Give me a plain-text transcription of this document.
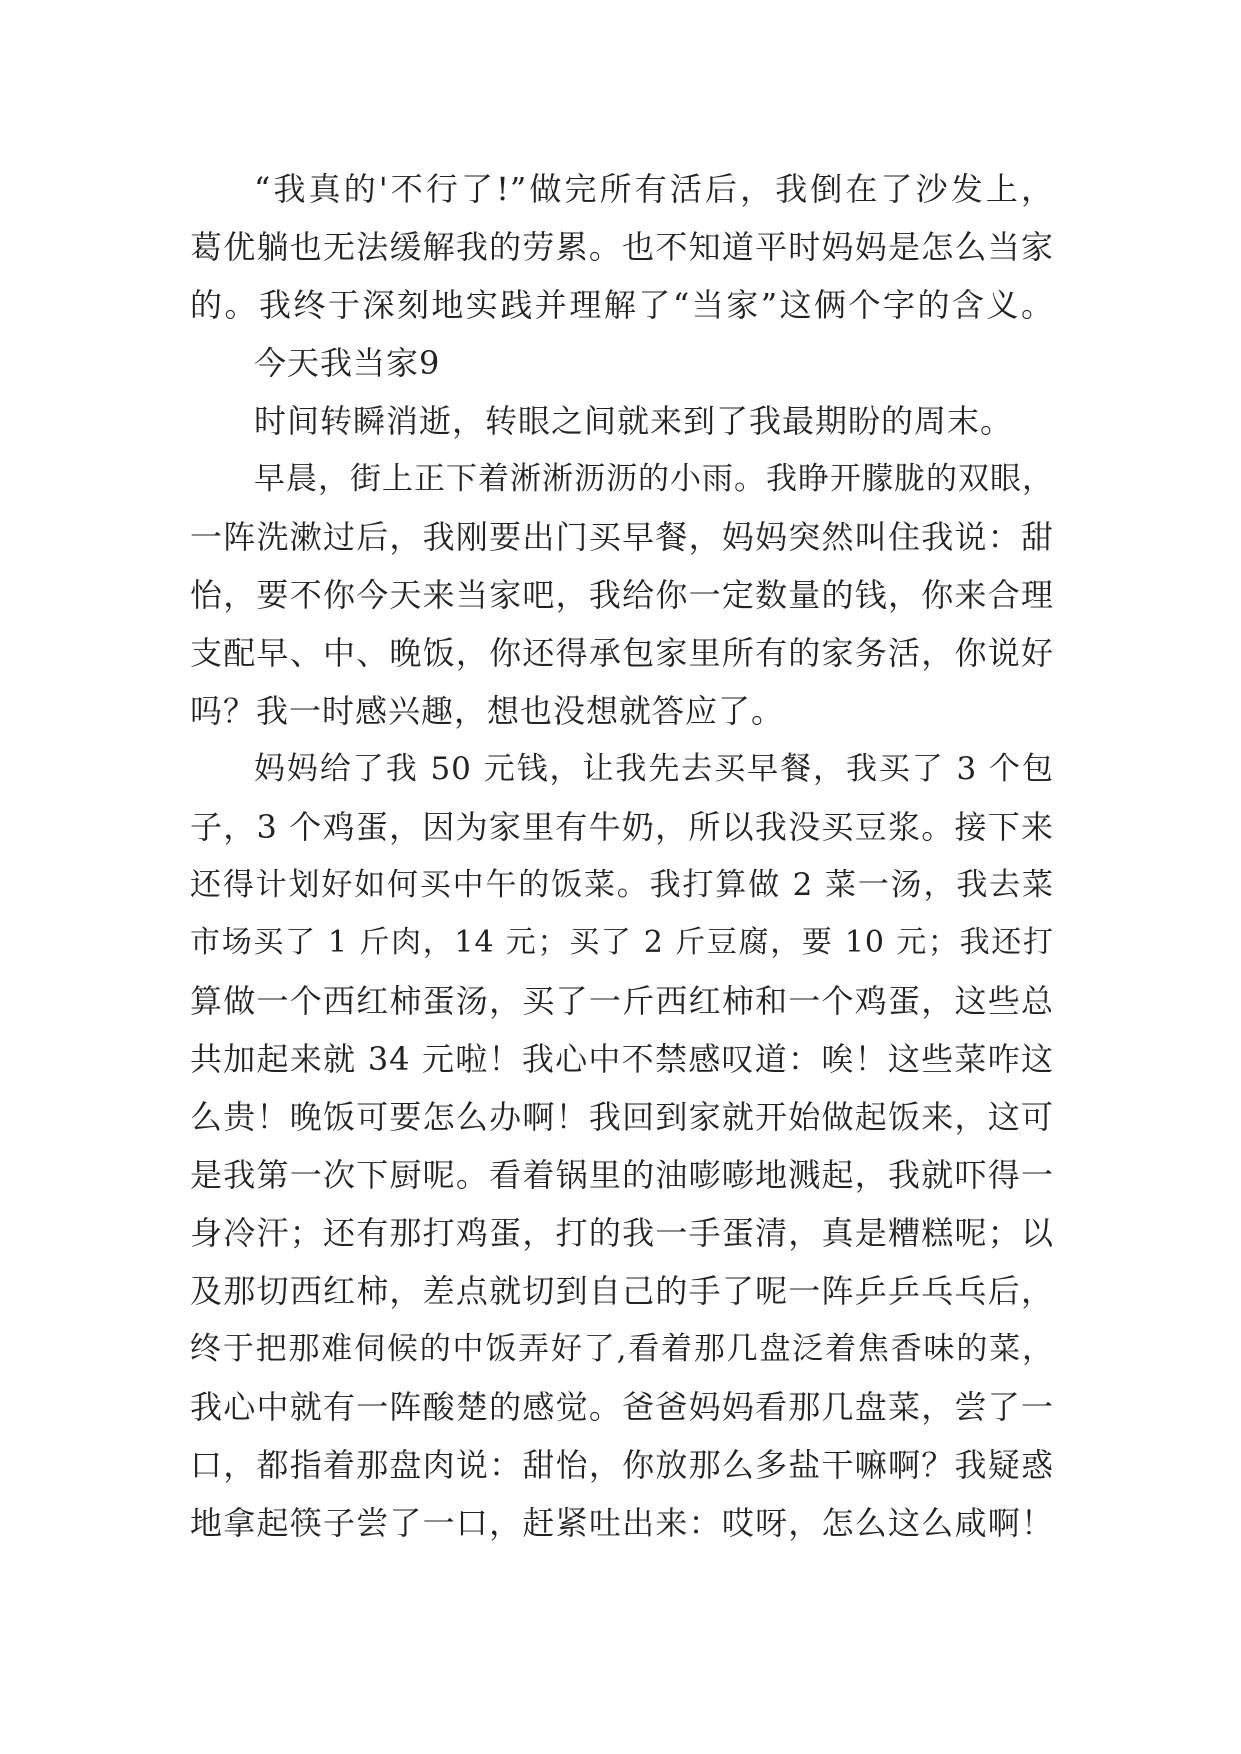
“我真的'不行了!”做完所有活后，我倒在了沙发上，
葛优躺也无法缓解我的劳累。也不知道平时妈妈是怎么当家
的。我终于深刻地实践并理解了“当家”这俩个字的含义。
今天我当家9
时间转瞬消逝，转眼之间就来到了我最期盼的周末。
早晨，街上正下着淅淅沥沥的小雨。我睁开朦胧的双眼，
一阵洗漱过后，我刚要出门买早餐，妈妈突然叫住我说：甜
怡，要不你今天来当家吧，我给你一定数量的钱，你来合理
支配早、中、晚饭，你还得承包家里所有的家务活，你说好
吗？我一时感兴趣，想也没想就答应了。
妈妈给了我 50 元钱，让我先去买早餐，我买了 3 个包
子，3 个鸡蛋，因为家里有牛奶，所以我没买豆浆。接下来
还得计划好如何买中午的饭菜。我打算做 2 菜一汤，我去菜
市场买了 1 斤肉，14 元；买了 2 斤豆腐，要 10 元；我还打
算做一个西红柿蛋汤，买了一斤西红柿和一个鸡蛋，这些总
共加起来就 34 元啦！我心中不禁感叹道：唉！这些菜咋这
么贵！晚饭可要怎么办啊！我回到家就开始做起饭来，这可
是我第一次下厨呢。看着锅里的油嘭嘭地溅起，我就吓得一
身冷汗；还有那打鸡蛋，打的我一手蛋清，真是糟糕呢；以
及那切西红柿，差点就切到自己的手了呢一阵乒乒乓乓后，
终于把那难伺候的中饭弄好了,看着那几盘泛着焦香味的菜，
我心中就有一阵酸楚的感觉。爸爸妈妈看那几盘菜，尝了一
口，都指着那盘肉说：甜怡，你放那么多盐干嘛啊？我疑惑
地拿起筷子尝了一口，赶紧吐出来：哎呀，怎么这么咸啊！
